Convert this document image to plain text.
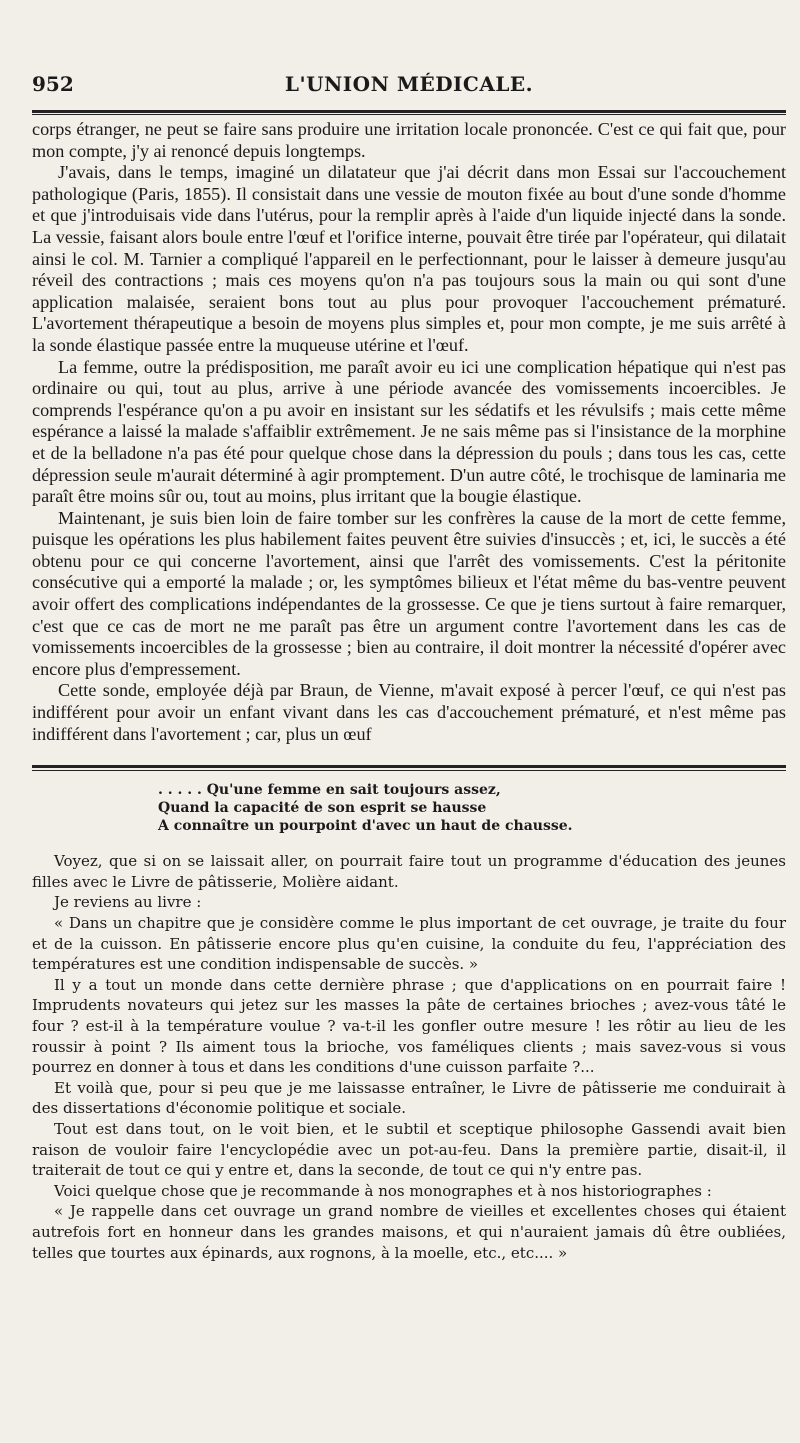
952	L'UNION MÉDICALE.

corps étranger, ne peut se faire sans produire une irritation locale prononcée. C'est ce qui fait que, pour mon compte, j'y ai renoncé depuis longtemps.

J'avais, dans le temps, imaginé un dilatateur que j'ai décrit dans mon Essai sur l'accouchement pathologique (Paris, 1855). Il consistait dans une vessie de mouton fixée au bout d'une sonde d'homme et que j'introduisais vide dans l'utérus, pour la remplir après à l'aide d'un liquide injecté dans la sonde. La vessie, faisant alors boule entre l'œuf et l'orifice interne, pouvait être tirée par l'opérateur, qui dilatait ainsi le col. M. Tarnier a compliqué l'appareil en le perfectionnant, pour le laisser à demeure jusqu'au réveil des contractions ; mais ces moyens qu'on n'a pas toujours sous la main ou qui sont d'une application malaisée, seraient bons tout au plus pour provoquer l'accouchement prématuré. L'avortement thérapeutique a besoin de moyens plus simples et, pour mon compte, je me suis arrêté à la sonde élastique passée entre la muqueuse utérine et l'œuf.

La femme, outre la prédisposition, me paraît avoir eu ici une complication hépatique qui n'est pas ordinaire ou qui, tout au plus, arrive à une période avancée des vomissements incoercibles. Je comprends l'espérance qu'on a pu avoir en insistant sur les sédatifs et les révulsifs ; mais cette même espérance a laissé la malade s'affaiblir extrêmement. Je ne sais même pas si l'insistance de la morphine et de la belladone n'a pas été pour quelque chose dans la dépression du pouls ; dans tous les cas, cette dépression seule m'aurait déterminé à agir promptement. D'un autre côté, le trochisque de laminaria me paraît être moins sûr ou, tout au moins, plus irritant que la bougie élastique.

Maintenant, je suis bien loin de faire tomber sur les confrères la cause de la mort de cette femme, puisque les opérations les plus habilement faites peuvent être suivies d'insuccès ; et, ici, le succès a été obtenu pour ce qui concerne l'avortement, ainsi que l'arrêt des vomissements. C'est la péritonite consécutive qui a emporté la malade ; or, les symptômes bilieux et l'état même du bas-ventre peuvent avoir offert des complications indépendantes de la grossesse. Ce que je tiens surtout à faire remarquer, c'est que ce cas de mort ne me paraît pas être un argument contre l'avortement dans les cas de vomissements incoercibles de la grossesse ; bien au contraire, il doit montrer la nécessité d'opérer avec encore plus d'empressement.

Cette sonde, employée déjà par Braun, de Vienne, m'avait exposé à percer l'œuf, ce qui n'est pas indifférent pour avoir un enfant vivant dans les cas d'accouchement prématuré, et n'est même pas indifférent dans l'avortement ; car, plus un œuf

. . . . . Qu'une femme en sait toujours assez,
Quand la capacité de son esprit se hausse
A connaître un pourpoint d'avec un haut de chausse.

Voyez, que si on se laissait aller, on pourrait faire tout un programme d'éducation des jeunes filles avec le Livre de pâtisserie, Molière aidant.

Je reviens au livre :

« Dans un chapitre que je considère comme le plus important de cet ouvrage, je traite du four et de la cuisson. En pâtisserie encore plus qu'en cuisine, la conduite du feu, l'appréciation des températures est une condition indispensable de succès. »

Il y a tout un monde dans cette dernière phrase ; que d'applications on en pourrait faire ! Imprudents novateurs qui jetez sur les masses la pâte de certaines brioches ; avez-vous tâté le four ? est-il à la température voulue ? va-t-il les gonfler outre mesure ! les rôtir au lieu de les roussir à point ? Ils aiment tous la brioche, vos faméliques clients ; mais savez-vous si vous pourrez en donner à tous et dans les conditions d'une cuisson parfaite ?...

Et voilà que, pour si peu que je me laissasse entraîner, le Livre de pâtisserie me conduirait à des dissertations d'économie politique et sociale.

Tout est dans tout, on le voit bien, et le subtil et sceptique philosophe Gassendi avait bien raison de vouloir faire l'encyclopédie avec un pot-au-feu. Dans la première partie, disait-il, il traiterait de tout ce qui y entre et, dans la seconde, de tout ce qui n'y entre pas.

Voici quelque chose que je recommande à nos monographes et à nos historiographes :

« Je rappelle dans cet ouvrage un grand nombre de vieilles et excellentes choses qui étaient autrefois fort en honneur dans les grandes maisons, et qui n'auraient jamais dû être oubliées, telles que tourtes aux épinards, aux rognons, à la moelle, etc., etc.... »
